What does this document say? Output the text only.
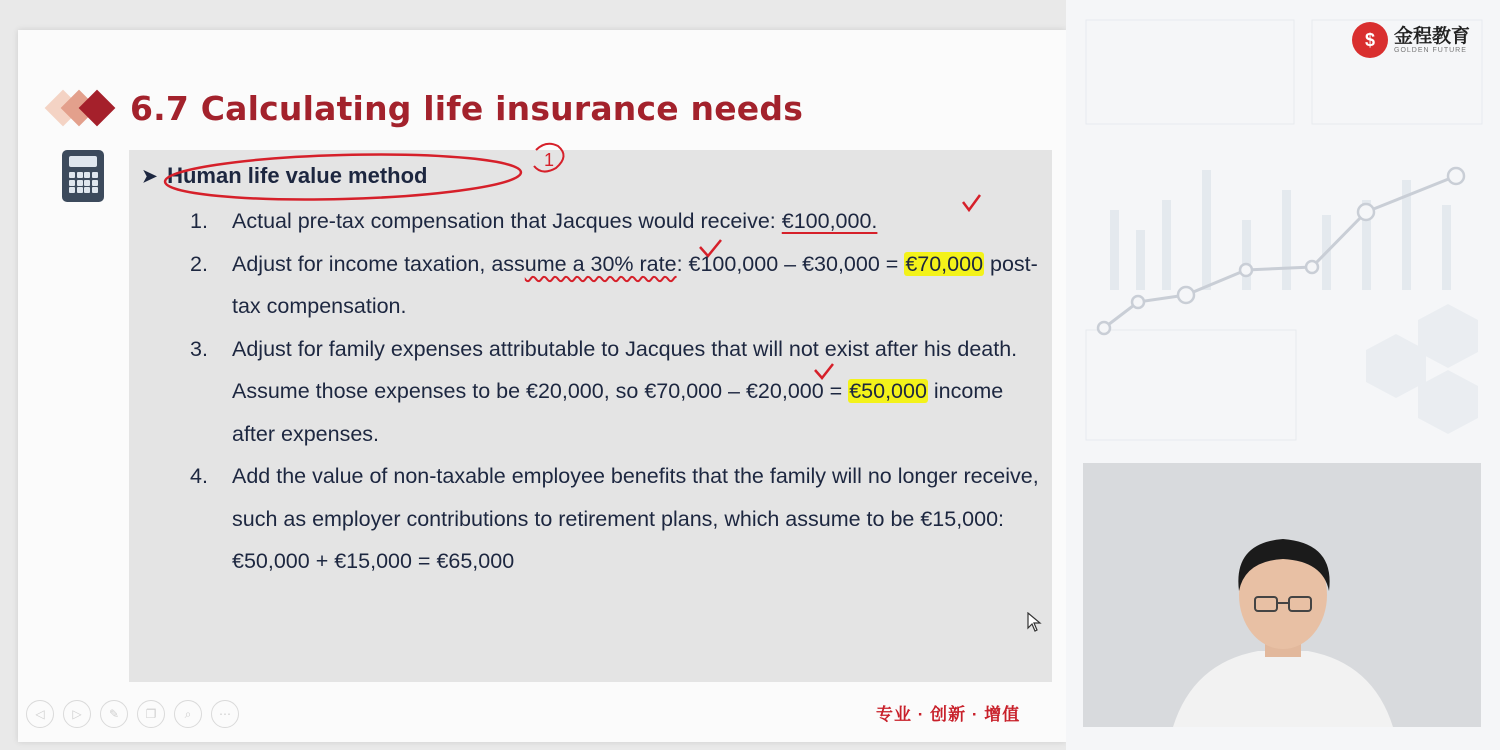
$	金程教育
GOLDEN FUTURE
6.7 Calculating life insurance needs
➤ Human life value method
1
1.	Actual pre-tax compensation that Jacques would receive: €100,000.
2.	Adjust for income taxation, assume a 30% rate: €100,000 – €30,000 = €70,000 post-tax compensation.
3.	Adjust for family expenses attributable to Jacques that will not exist after his death. Assume those expenses to be €20,000, so €70,000 – €20,000 = €50,000 income after expenses.
4.	Add the value of non-taxable employee benefits that the family will no longer receive, such as employer contributions to retirement plans, which assume to be €15,000: €50,000 + €15,000 = €65,000
◁	▷	✎	❐	⌕	⋯	专业 · 创新 · 增值
